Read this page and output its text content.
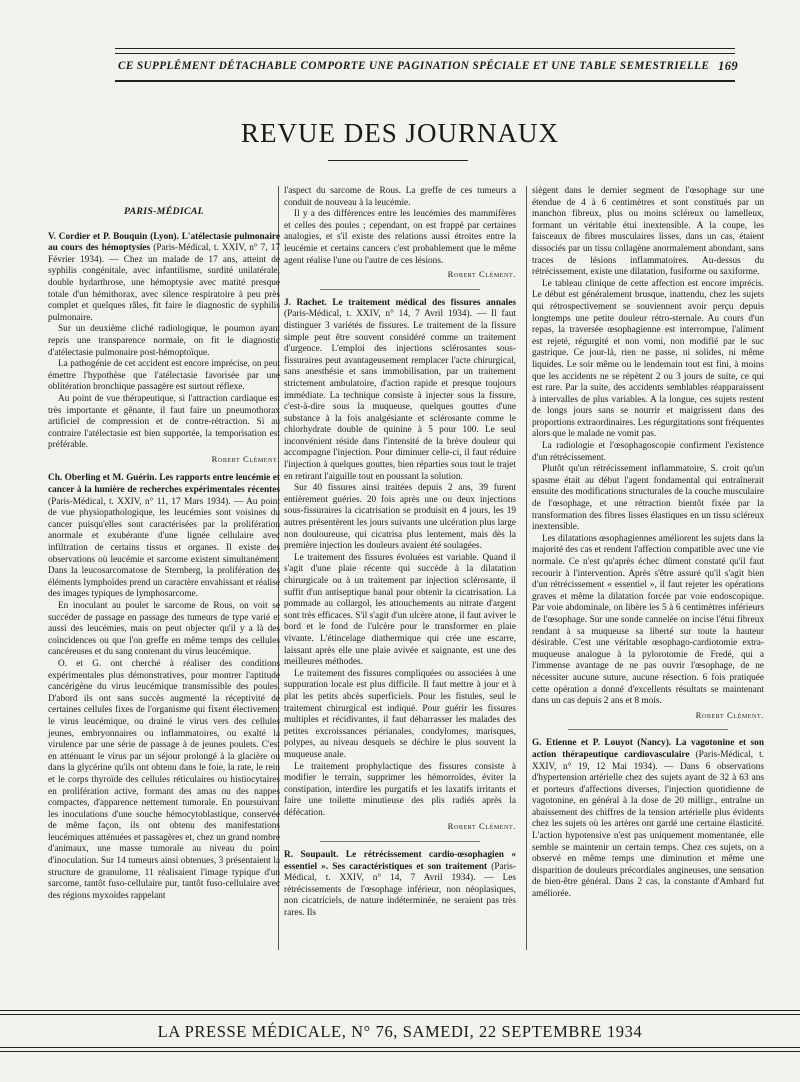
CE SUPPLÉMENT DÉTACHABLE COMPORTE UNE PAGINATION SPÉCIALE ET UNE TABLE SEMESTRIELLE 169
REVUE DES JOURNAUX
PARIS-MÉDICAL

V. Cordier et P. Bouquin (Lyon). L'atélectasie pulmonaire au cours des hémoptysies (Paris-Médical, t. XXIV, n° 7, 17 Février 1934). — Chez un malade de 17 ans, atteint de syphilis congénitale, avec infantilisme, surdité unilatérale, double hydarthrose, une hémoptysie avec matité presque totale d'un hémithorax, avec silence respiratoire à peu près complet et quelques râles, fit faire le diagnostic de syphilis pulmonaire.

Sur un deuxième cliché radiologique, le poumon ayant repris une transparence normale, on fit le diagnostic d'atélectasie pulmonaire post-hémoptoïque.

La pathogénie de cet accident est encore imprécise, on peut émettre l'hypothèse que l'atélectasie favorisée par une oblitération bronchique passagère est surtout réflexe.

Au point de vue thérapeutique, si l'attraction cardiaque est très importante et gênante, il faut faire un pneumothorax artificiel de compression et de contre-rétraction. Si au contraire l'atélectasie est bien supportée, la temporisation est préférable.

Robert Clément.

Ch. Oberling et M. Guérin. Les rapports entre leucémie et cancer à la lumière de recherches expérimentales récentes (Paris-Médical, t. XXIV, n° 11, 17 Mars 1934). — Au point de vue physiopathologique, les leucémies sont voisines du cancer puisqu'elles sont caractérisées par la prolifération anormale et exubérante d'une lignée cellulaire avec infiltration de certains tissus et organes. Il existe des observations où leucémie et sarcome existent simultanément. Dans la leucosarcomatose de Sternberg, la prolifération des éléments lymphoïdes prend un caractère envahissant et réalise des images typiques de lymphosarcome.

En inoculant au poulet le sarcome de Rous, on voit se succéder de passage en passage des tumeurs de type varié et aussi des leucémies, mais on peut objecter qu'il y a là des coïncidences ou que l'on greffe en même temps des cellules cancéreuses et du sang contenant du virus leucémique.

O. et G. ont cherché à réaliser des conditions expérimentales plus démonstratives, pour montrer l'aptitude cancérigène du virus leucémique transmissible des poules. D'abord ils ont sans succès augmenté la réceptivité de certaines cellules fixes de l'organisme qui fixent électivement le virus leucémique, ou drainé le virus vers des cellules jeunes, embryonnaires ou inflammatoires, ou exalté la virulence par une série de passage à de jeunes poulets. C'est en atténuant le virus par un séjour prolongé à la glacière ou dans la glycérine qu'ils ont obtenu dans le foie, la rate, le rein et le corps thyroïde des cellules réticulaires ou histiocytaires en prolifération active, formant des amas ou des nappes compactes, d'apparence nettement tumorale. En poursuivant les inoculations d'une souche hémocytoblastique, conservée de même façon, ils ont obtenu des manifestations leucémiques atténuées et passagères et, chez un grand nombre d'animaux, une masse tumorale au niveau du point d'inoculation. Sur 14 tumeurs ainsi obtenues, 3 présentaient la structure de granulome, 11 réalisaient l'image typique d'un sarcome, tantôt fuso-cellulaire pur, tantôt fuso-cellulaire avec des régions myxoïdes rappelant

l'aspect du sarcome de Rous. La greffe de ces tumeurs a conduit de nouveau à la leucémie.

Il y a des différences entre les leucémies des mammifères et celles des poules ; cependant, on est frappé par certaines analogies, et s'il existe des relations aussi étroites entre la leucémie et certains cancers c'est probablement que le même agent réalise l'une ou l'autre de ces lésions.

Robert Clément.

J. Rachet. Le traitement médical des fissures annales (Paris-Médical, t. XXIV, n° 14, 7 Avril 1934). — Il faut distinguer 3 variétés de fissures. Le traitement de la fissure simple peut être souvent considéré comme un traitement d'urgence. L'emploi des injections sclérosantes sous-fissuraires peut avantageusement remplacer l'acte chirurgical, sans anesthésie et sans immobilisation, par un traitement strictement ambulatoire, d'action rapide et presque toujours immédiate. La technique consiste à injecter sous la fissure, c'est-à-dire sous la muqueuse, quelques gouttes d'une substance à la fois analgésiante et sclérosante comme le chlorhydrate double de quinine à 5 pour 100. Le seul inconvénient réside dans l'intensité de la brève douleur qui accompagne l'injection. Pour diminuer celle-ci, il faut réduire l'injection à quelques gouttes, bien réparties sous tout le trajet en retirant l'aiguille tout en poussant la solution.

Sur 40 fissures ainsi traitées depuis 2 ans, 39 furent entièrement guéries. 20 fois après une ou deux injections sous-fissuraires la cicatrisation se produisit en 4 jours, les 19 autres présentèrent les jours suivants une ulcération plus large non douloureuse, qui cicatrisa plus lentement, mais dès la première injection les douleurs avaient été soulagées.

Le traitement des fissures évoluées est variable. Quand il s'agit d'une plaie récente qui succède à la dilatation chirurgicale ou à un traitement par injection sclérosante, il suffit d'un antiseptique banal pour obtenir la cicatrisation. La pommade au collargol, les attouchements au nitrate d'argent sont très efficaces. S'il s'agit d'un ulcère atone, il faut aviver le bord et le fond de l'ulcère pour le transformer en plaie vivante. L'étincelage diathermique qui crée une escarre, laissant après elle une plaie avivée et saignante, est une des meilleures méthodes.

Le traitement des fissures compliquées ou associées à une suppuration locale est plus difficile. Il faut mettre à jour et à plat les petits abcès superficiels. Pour les fistules, seul le traitement chirurgical est indiqué. Pour guérir les fissures multiples et récidivantes, il faut débarrasser les malades des petites excroissances périanales, condylomes, marisques, polypes, au niveau desquels se déchire le plus souvent la muqueuse anale.

Le traitement prophylactique des fissures consiste à modifier le terrain, supprimer les hémorroïdes, éviter la constipation, interdire les purgatifs et les laxatifs irritants et faire une toilette minutieuse des plis radiés après la défécation.

Robert Clément.

R. Soupault. Le rétrécissement cardio-œsophagien « essentiel ». Ses caractéristiques et son traitement (Paris-Médical, t. XXIV, n° 14, 7 Avril 1934). — Les rétrécissements de l'œsophage inférieur, non néoplasiques, non cicatriciels, de nature indéterminée, ne seraient pas très rares. Ils

siègent dans le dernier segment de l'œsophage sur une étendue de 4 à 6 centimètres et sont constitués par un manchon fibreux, plus ou moins scléreux ou lamelleux, formant un véritable étui inextensible. A la coupe, les faisceaux de fibres musculaires lisses, dans un cas, étaient dissociés par un tissu collagène anormalement abondant, sans traces de lésions inflammatoires. Au-dessus du rétrécissement, existe une dilatation, fusiforme ou saxiforme.

Le tableau clinique de cette affection est encore imprécis. Le début est généralement brusque, inattendu, chez les sujets qui rétrospectivement se souviennent avoir perçu depuis longtemps une petite douleur rétro-sternale. Au cours d'un repas, la traversée œsophagienne est interrompue, l'aliment est rejeté, régurgité et non vomi, non modifié par le suc gastrique. Ce jour-là, rien ne passe, ni solides, ni même liquides. Le soir même ou le lendemain tout est fini, à moins que les accidents ne se répètent 2 ou 3 jours de suite, ce qui est rare. Par la suite, des accidents semblables réapparaissent à intervalles de plus variables. A la longue, ces sujets restent de longs jours sans se nourrir et maigrissent dans des proportions extraordinaires. Les régurgitations sont fréquentes alors que le malade ne vomit pas.

La radiologie et l'œsophagoscopie confirment l'existence d'un rétrécissement.

Plutôt qu'un rétrécissement inflammatoire, S. croit qu'un spasme était au début l'agent fondamental qui entraînerait ensuite des modifications structurales de la couche musculaire de l'œsophage, et une rétraction bientôt fixée par la transformation des fibres lisses élastiques en un tissu scléreux inextensible.

Les dilatations œsophagiennes améliorent les sujets dans la majorité des cas et rendent l'affection compatible avec une vie normale. Ce n'est qu'après échec dûment constaté qu'il faut recourir à l'intervention. Après s'être assuré qu'il s'agit bien d'un rétrécissement « essentiel », il faut rejeter les opérations graves et même la dilatation forcée par voie endoscopique. Par voie abdominale, on libère les 5 à 6 centimètres inférieurs de l'œsophage. Sur une sonde cannelée on incise l'étui fibreux rendant à sa muqueuse sa liberté sur toute la hauteur désirable. C'est une véritable œsophago-cardiotomie extra-muqueuse analogue à la pylorotomie de Fredé, qui a l'immense avantage de ne pas ouvrir l'œsophage, de ne nécessiter aucune suture, aucune résection. 6 fois pratiquée cette opération a donné d'excellents résultats se maintenant dans un cas depuis 2 ans et 8 mois.

Robert Clément.

G. Etienne et P. Louyot (Nancy). La vagotonine et son action thérapeutique cardiovasculaire (Paris-Médical, t. XXIV, n° 19, 12 Mai 1934). — Dans 6 observations d'hypertension artérielle chez des sujets ayant de 32 à 63 ans et porteurs d'affections diverses, l'injection quotidienne de vagotonine, en général à la dose de 20 milligr., entraîne un abaissement des chiffres de la tension artérielle plus évidents chez les sujets où les artères ont gardé une certaine élasticité. L'action hypotensive n'est pas uniquement momentanée, elle semble se maintenir un certain temps. Chez ces sujets, on a observé en même temps une diminution et même une disparition de douleurs précordiales angineuses, une sensation de bien-être général. Dans 2 cas, la constante d'Ambard fut améliorée.

LA PRESSE MÉDICALE, N° 76, SAMEDI, 22 SEPTEMBRE 1934
